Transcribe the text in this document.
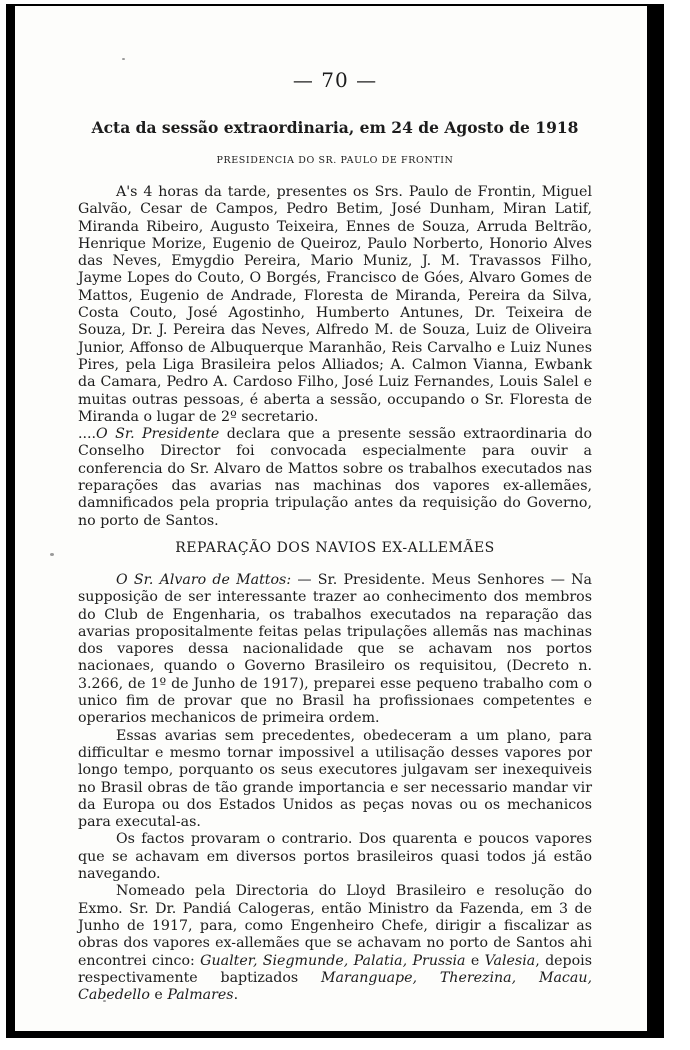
— 70 —
Acta da sessão extraordinaria, em 24 de Agosto de 1918
PRESIDENCIA DO SR. PAULO DE FRONTIN

A's 4 horas da tarde, presentes os Srs. Paulo de Frontin, Miguel Galvão, Cesar de Campos, Pedro Betim, José Dunham, Miran Latif, Miranda Ribeiro, Augusto Teixeira, Ennes de Souza, Arruda Beltrão, Henrique Morize, Eugenio de Queiroz, Paulo Norberto, Honorio Alves das Neves, Emygdio Pereira, Mario Muniz, J. M. Travassos Filho, Jayme Lopes do Couto, O Borgés, Francisco de Góes, Alvaro Gomes de Mattos, Eugenio de Andrade, Floresta de Miranda, Pereira da Silva, Costa Couto, José Agostinho, Humberto Antunes, Dr. Teixeira de Souza, Dr. J. Pereira das Neves, Alfredo M. de Souza, Luiz de Oliveira Junior, Affonso de Albuquerque Maranhão, Reis Carvalho e Luiz Nunes Pires, pela Liga Brasileira pelos Alliados; A. Calmon Vianna, Ewbank da Camara, Pedro A. Cardoso Filho, José Luiz Fernandes, Louis Salel e muitas outras pessoas, é aberta a sessão, occupando o Sr. Floresta de Miranda o lugar de 2º secretario.

....O Sr. Presidente declara que a presente sessão extraordinaria do Conselho Director foi convocada especialmente para ouvir a conferencia do Sr. Alvaro de Mattos sobre os trabalhos executados nas reparações das avarias nas machinas dos vapores ex-allemães, damnificados pela propria tripulação antes da requisição do Governo, no porto de Santos.

REPARAÇÃO DOS NAVIOS EX-ALLEMÃES

O Sr. Alvaro de Mattos: — Sr. Presidente. Meus Senhores — Na supposição de ser interessante trazer ao conhecimento dos membros do Club de Engenharia, os trabalhos executados na reparação das avarias propositalmente feitas pelas tripulações allemãs nas machinas dos vapores dessa nacionalidade que se achavam nos portos nacionaes, quando o Governo Brasileiro os requisitou, (Decreto n. 3.266, de 1º de Junho de 1917), preparei esse pequeno trabalho com o unico fim de provar que no Brasil ha profissionaes competentes e operarios mechanicos de primeira ordem.

Essas avarias sem precedentes, obedeceram a um plano, para difficultar e mesmo tornar impossivel a utilisação desses vapores por longo tempo, porquanto os seus executores julgavam ser inexequiveis no Brasil obras de tão grande importancia e ser necessario mandar vir da Europa ou dos Estados Unidos as peças novas ou os mechanicos para executal-as.

Os factos provaram o contrario. Dos quarenta e poucos vapores que se achavam em diversos portos brasileiros quasi todos já estão navegando.

Nomeado pela Directoria do Lloyd Brasileiro e resolução do Exmo. Sr. Dr. Pandiá Calogeras, então Ministro da Fazenda, em 3 de Junho de 1917, para, como Engenheiro Chefe, dirigir a fiscalizar as obras dos vapores ex-allemães que se achavam no porto de Santos ahi encontrei cinco: Gualter, Siegmunde, Palatia, Prussia e Valesia, depois respectivamente baptizados Maranguape, Therezina, Macau, Cabedello e Palmares.
